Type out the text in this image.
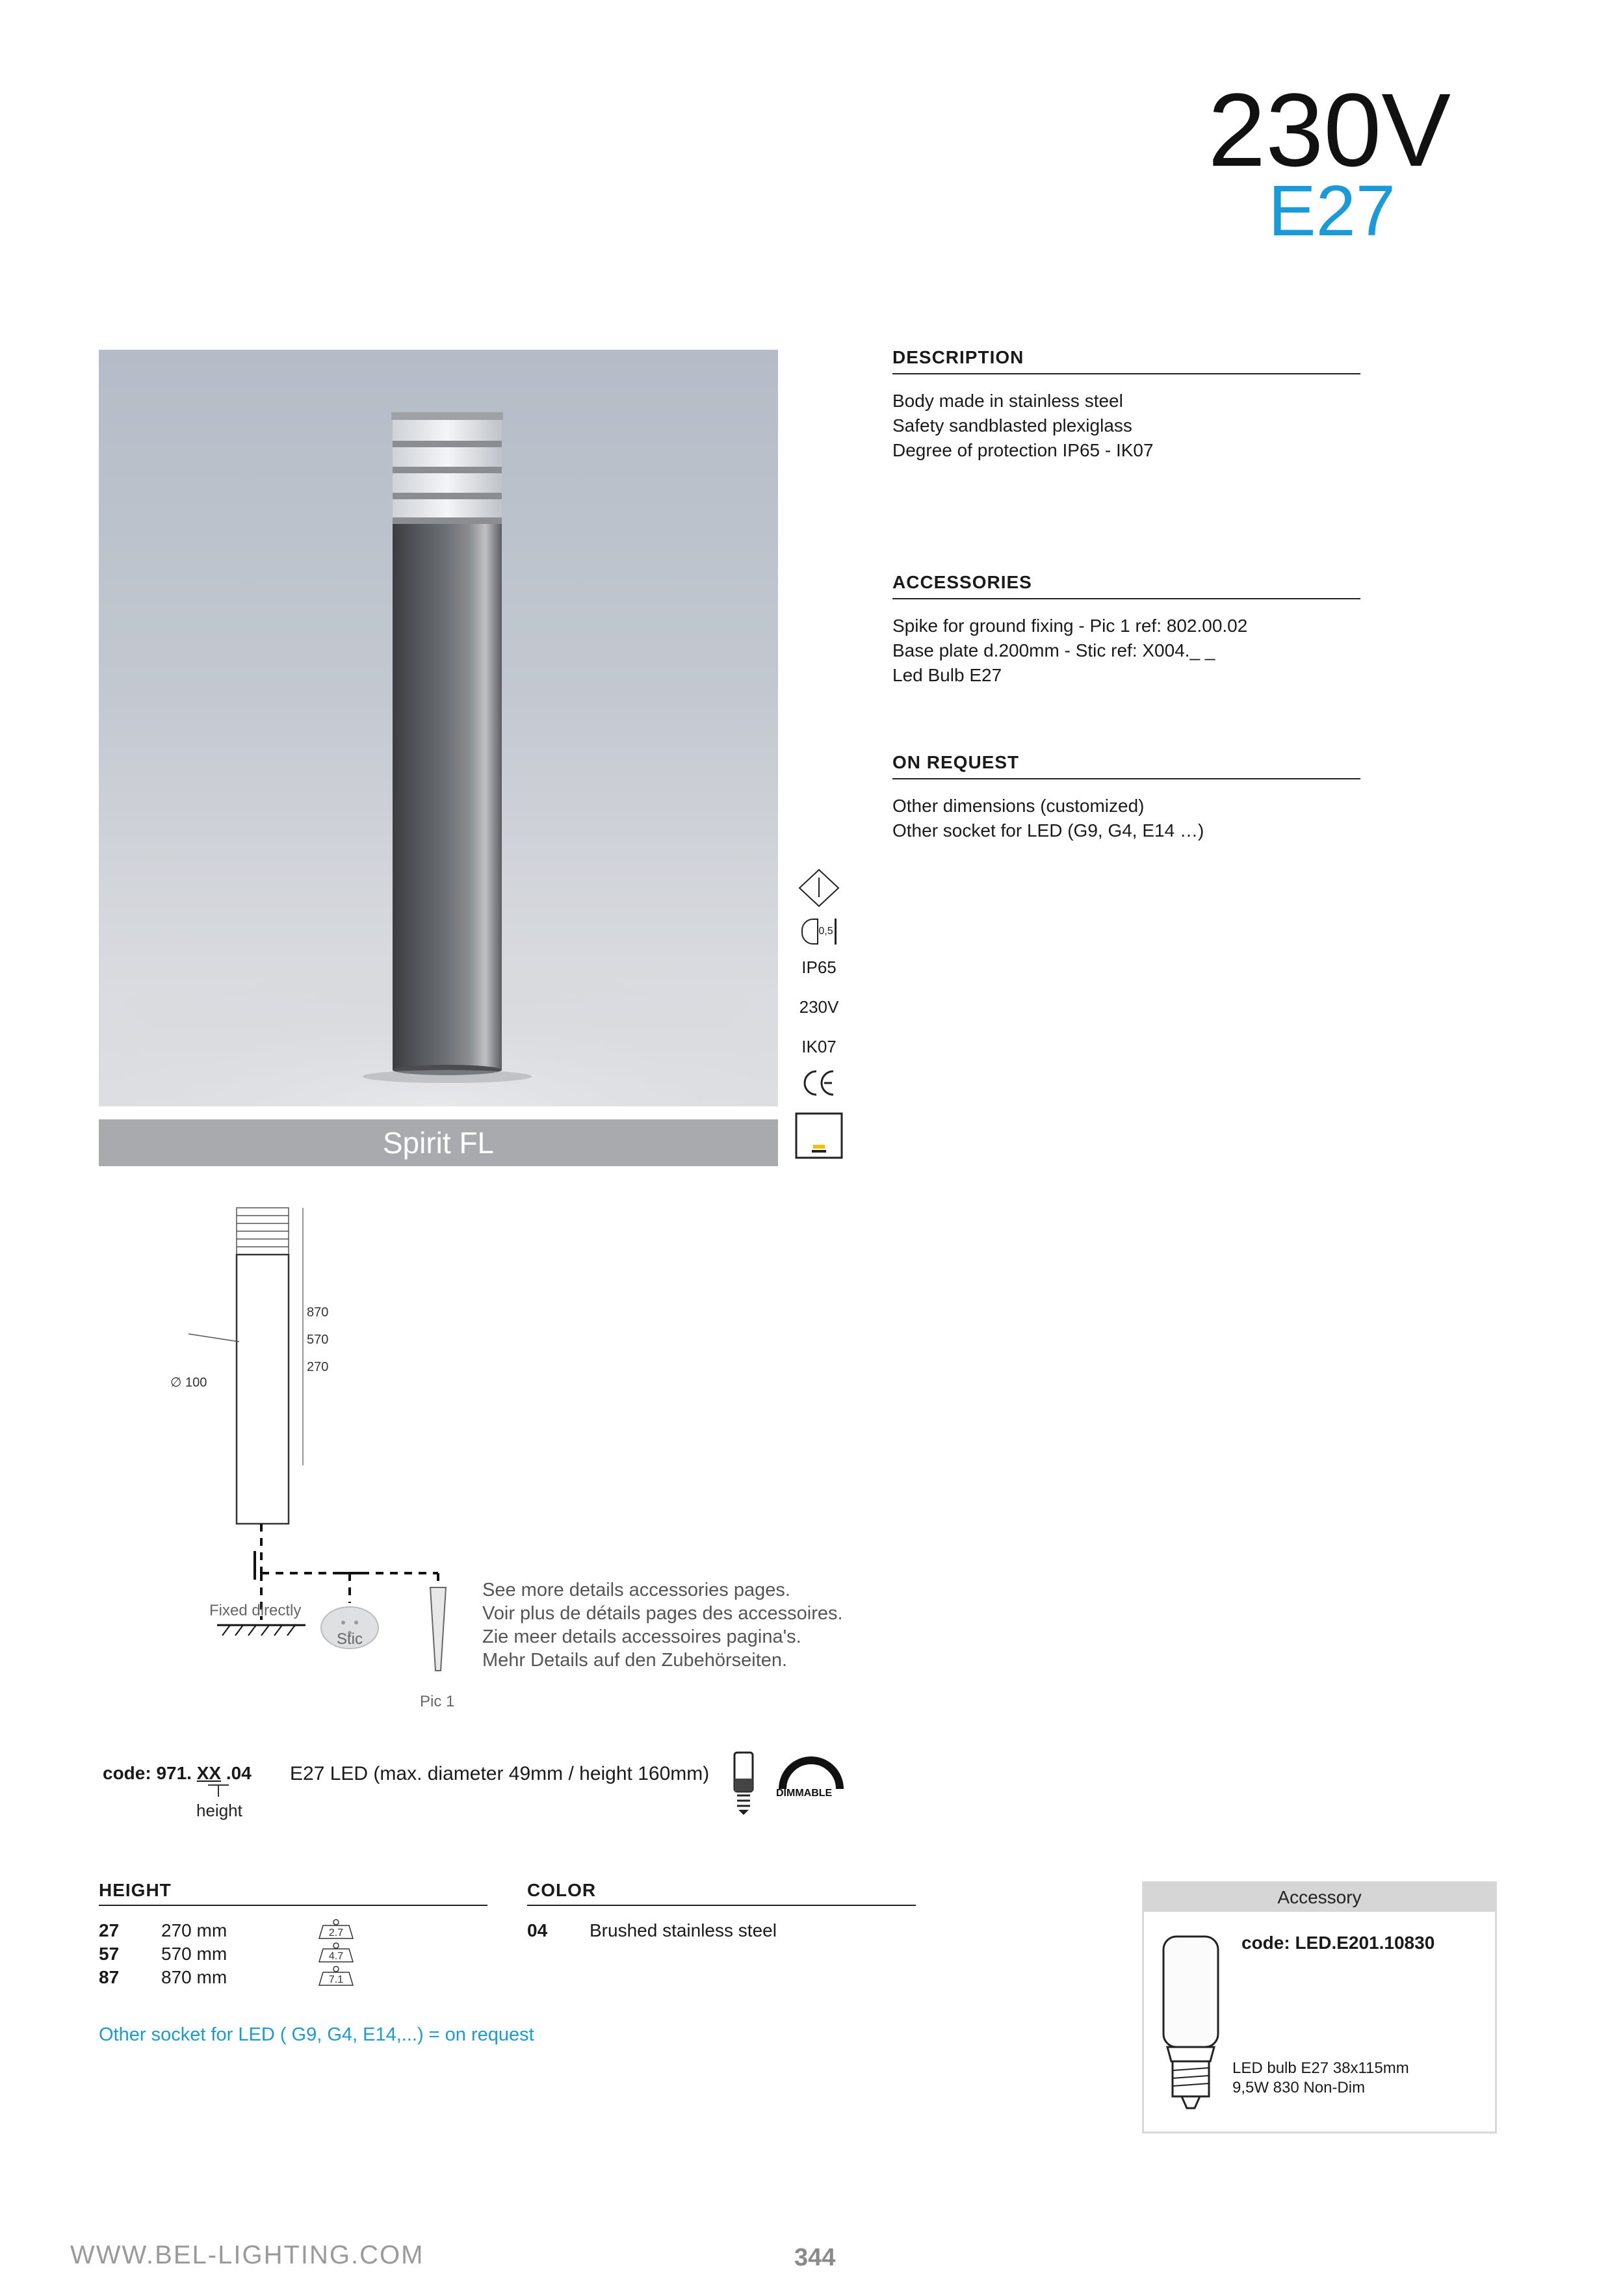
230V
E27
Spirit FL
0,5
IP65
230V
IK07

DESCRIPTION
Body made in stainless steel
Safety sandblasted plexiglass
Degree of protection IP65 - IK07
ACCESSORIES
Spike for ground fixing - Pic 1 ref: 802.00.02
Base plate d.200mm - Stic ref: X004._ _
Led Bulb E27
ON REQUEST
Other dimensions (customized)
Other socket for LED (G9, G4, E14 …)
870
570
270
∅ 100
Fixed directly
Stic
Pic 1
See more details accessories pages.
Voir plus de détails pages des accessoires.
Zie meer details accessoires pagina's.
Mehr Details auf den Zubehörseiten.
code: 971. XX .04
height
E27 LED (max. diameter 49mm / height 160mm)
DIMMABLE
HEIGHT
27 270 mm	2.7
57 570 mm	4.7
87 870 mm	7.1
COLOR
04 Brushed stainless steel
Other socket for LED ( G9, G4, E14,...) = on request
Accessory
code: LED.E201.10830
LED bulb E27 38x115mm
9,5W 830 Non-Dim
WWW.BEL-LIGHTING.COM	344
